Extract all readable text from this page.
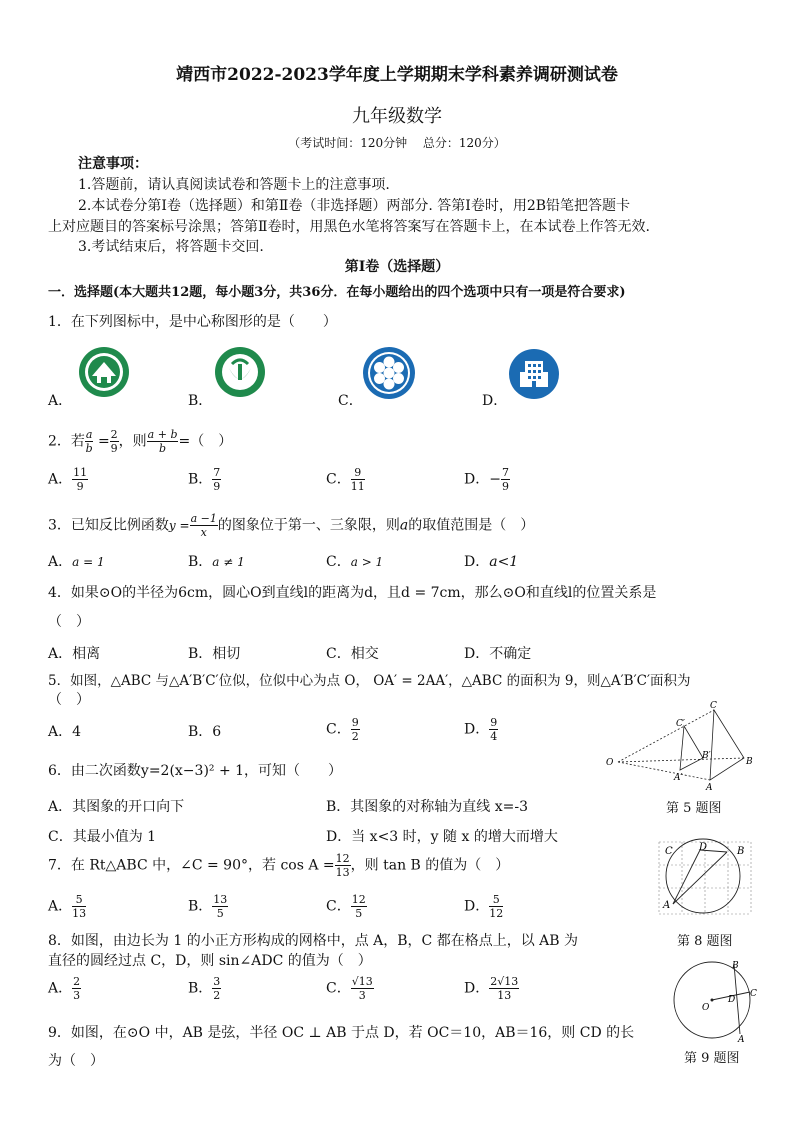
靖西市2022-2023学年度上学期期末学科素养调研测试卷
九年级数学
（考试时间：120分钟　 总分：120分）
注意事项：
1.答题前，请认真阅读试卷和答题卡上的注意事项.
2.本试卷分第Ⅰ卷（选择题）和第Ⅱ卷（非选择题）两部分. 答第Ⅰ卷时，用2B铅笔把答题卡
上对应题目的答案标号涂黑；答第Ⅱ卷时，用黑色水笔将答案写在答题卡上，在本试卷上作答无效.
3.考试结束后，将答题卡交回.
第Ⅰ卷（选择题）
一．选择题(本大题共12题，每小题3分，共36分．在每小题给出的四个选项中只有一项是符合要求)
1．在下列图标中，是中心称图形的是（　　）
A．	B．	C．	D．
2．若 $\frac{a}{b} = \frac{2}{9}$ ，则 $\frac{a + b}{b}$ =（　）
A． $\frac{11}{9}$	B． $\frac{7}{9}$	C． $\frac{9}{11}$	D．− $\frac{7}{9}$
3．已知反比例函数$y = \frac{a -1}{x}$ 的图象位于第一、三象限，则a的取值范围是（　）
A．a = 1	B．a ≠ 1	C．a > 1	D．a<1
4．如果⊙O的半径为6cm，圆心O到直线l的距离为d，且d = 7cm，那么⊙O和直线l的位置关系是
（　）
A．相离	B．相切	C．相交	D．不确定
5．如图，△ABC 与△A′B′C′位似，位似中心为点 O， OA′ = 2AA′，△ABC 的面积为 9，则△A′B′C′面积为
（　）
A．4	B．6	C． $\frac{9}{2}$	D． $\frac{9}{4}$
O
C
B
A
C′
B′
A′
第 5 题图
6．由二次函数y=2(x−3)² + 1，可知（　　）
A．其图象的开口向下	B．其图象的对称轴为直线 x=-3
C．其最小值为 1	D．当 x<3 时，y 随 x 的增大而增大
C	D	B
A
第 8 题图
7．在 Rt△ABC 中，∠C = 90°，若 $\cos A = \frac{12}{13}$ ，则 tan B 的值为（　）
A． $\frac{5}{13}$	B． $\frac{13}{5}$	C． $\frac{12}{5}$	D． $\frac{5}{12}$
8．如图，由边长为 1 的小正方形构成的网格中，点 A，B，C 都在格点上，以 AB 为
直径的圆经过点 C，D，则 sin∠ADC 的值为（　）
A． $\frac{2}{3}$	B． $\frac{3}{2}$	C． $\frac{√13}{3}$	D． $\frac{2√13}{13}$
O
D
C
B
A
9．如图，在⊙O 中，AB 是弦，半径 OC ⊥ AB 于点 D，若 OC＝10，AB＝16，则 CD 的长
为（　）	第 9 题图
